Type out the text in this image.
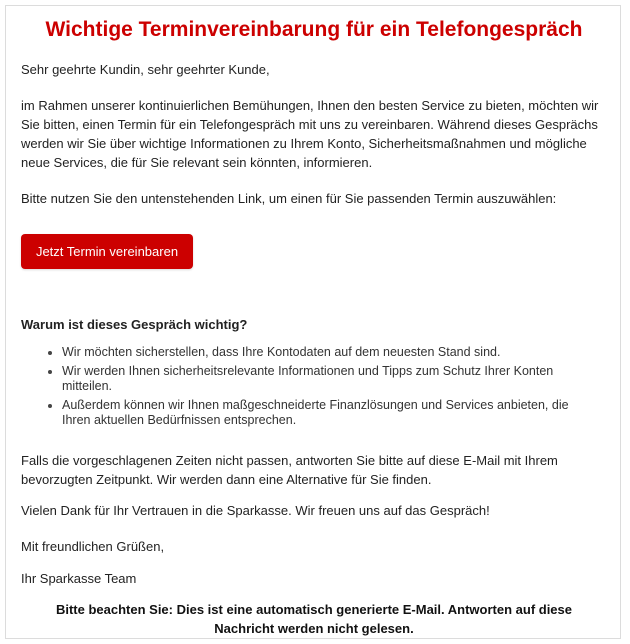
Wichtige Terminvereinbarung für ein Telefongespräch

Sehr geehrte Kundin, sehr geehrter Kunde,

im Rahmen unserer kontinuierlichen Bemühungen, Ihnen den besten Service zu bieten, möchten wir Sie bitten, einen Termin für ein Telefongespräch mit uns zu vereinbaren. Während dieses Gesprächs werden wir Sie über wichtige Informationen zu Ihrem Konto, Sicherheitsmaßnahmen und mögliche neue Services, die für Sie relevant sein könnten, informieren.

Bitte nutzen Sie den untenstehenden Link, um einen für Sie passenden Termin auszuwählen:

Jetzt Termin vereinbaren

Warum ist dieses Gespräch wichtig?

Wir möchten sicherstellen, dass Ihre Kontodaten auf dem neuesten Stand sind.
Wir werden Ihnen sicherheitsrelevante Informationen und Tipps zum Schutz Ihrer Konten mitteilen.
Außerdem können wir Ihnen maßgeschneiderte Finanzlösungen und Services anbieten, die Ihren aktuellen Bedürfnissen entsprechen.

Falls die vorgeschlagenen Zeiten nicht passen, antworten Sie bitte auf diese E-Mail mit Ihrem bevorzugten Zeitpunkt. Wir werden dann eine Alternative für Sie finden.

Vielen Dank für Ihr Vertrauen in die Sparkasse. Wir freuen uns auf das Gespräch!

Mit freundlichen Grüßen,

Ihr Sparkasse Team

Bitte beachten Sie: Dies ist eine automatisch generierte E-Mail. Antworten auf diese Nachricht werden nicht gelesen.
